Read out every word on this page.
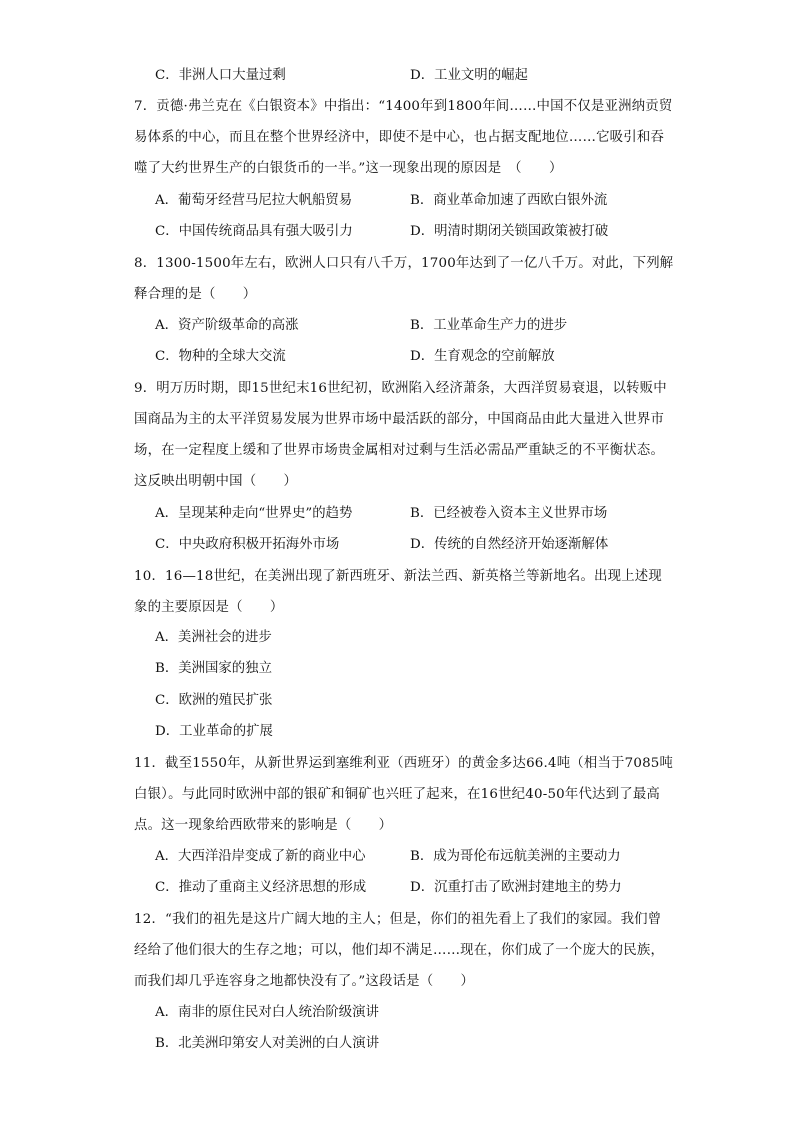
C．非洲人口大量过剩	D．工业文明的崛起
7．贡德·弗兰克在《白银资本》中指出：“1400年到1800年间……中国不仅是亚洲纳贡贸易体系的中心，而且在整个世界经济中，即使不是中心，也占据支配地位……它吸引和吞噬了大约世界生产的白银货币的一半。”这一现象出现的原因是　（　　）
A．葡萄牙经营马尼拉大帆船贸易	B．商业革命加速了西欧白银外流
C．中国传统商品具有强大吸引力	D．明清时期闭关锁国政策被打破
8．1300-1500年左右，欧洲人口只有八千万，1700年达到了一亿八千万。对此，下列解释合理的是（　　）
A．资产阶级革命的高涨	B．工业革命生产力的进步
C．物种的全球大交流	D．生育观念的空前解放
9．明万历时期，即15世纪末16世纪初，欧洲陷入经济萧条，大西洋贸易衰退，以转贩中国商品为主的太平洋贸易发展为世界市场中最活跃的部分，中国商品由此大量进入世界市场，在一定程度上缓和了世界市场贵金属相对过剩与生活必需品严重缺乏的不平衡状态。这反映出明朝中国（　　）
A．呈现某种走向“世界史”的趋势	B．已经被卷入资本主义世界市场
C．中央政府积极开拓海外市场	D．传统的自然经济开始逐渐解体
10．16—18世纪，在美洲出现了新西班牙、新法兰西、新英格兰等新地名。出现上述现象的主要原因是（　　）
A．美洲社会的进步
B．美洲国家的独立
C．欧洲的殖民扩张
D．工业革命的扩展
11．截至1550年，从新世界运到塞维利亚（西班牙）的黄金多达66.4吨（相当于7085吨白银）。与此同时欧洲中部的银矿和铜矿也兴旺了起来，在16世纪40-50年代达到了最高点。这一现象给西欧带来的影响是（　　）
A．大西洋沿岸变成了新的商业中心	B．成为哥伦布远航美洲的主要动力
C．推动了重商主义经济思想的形成	D．沉重打击了欧洲封建地主的势力
12．“我们的祖先是这片广阔大地的主人；但是，你们的祖先看上了我们的家园。我们曾经给了他们很大的生存之地；可以，他们却不满足……现在，你们成了一个庞大的民族，而我们却几乎连容身之地都快没有了。”这段话是（　　）
A．南非的原住民对白人统治阶级演讲
B．北美洲印第安人对美洲的白人演讲
